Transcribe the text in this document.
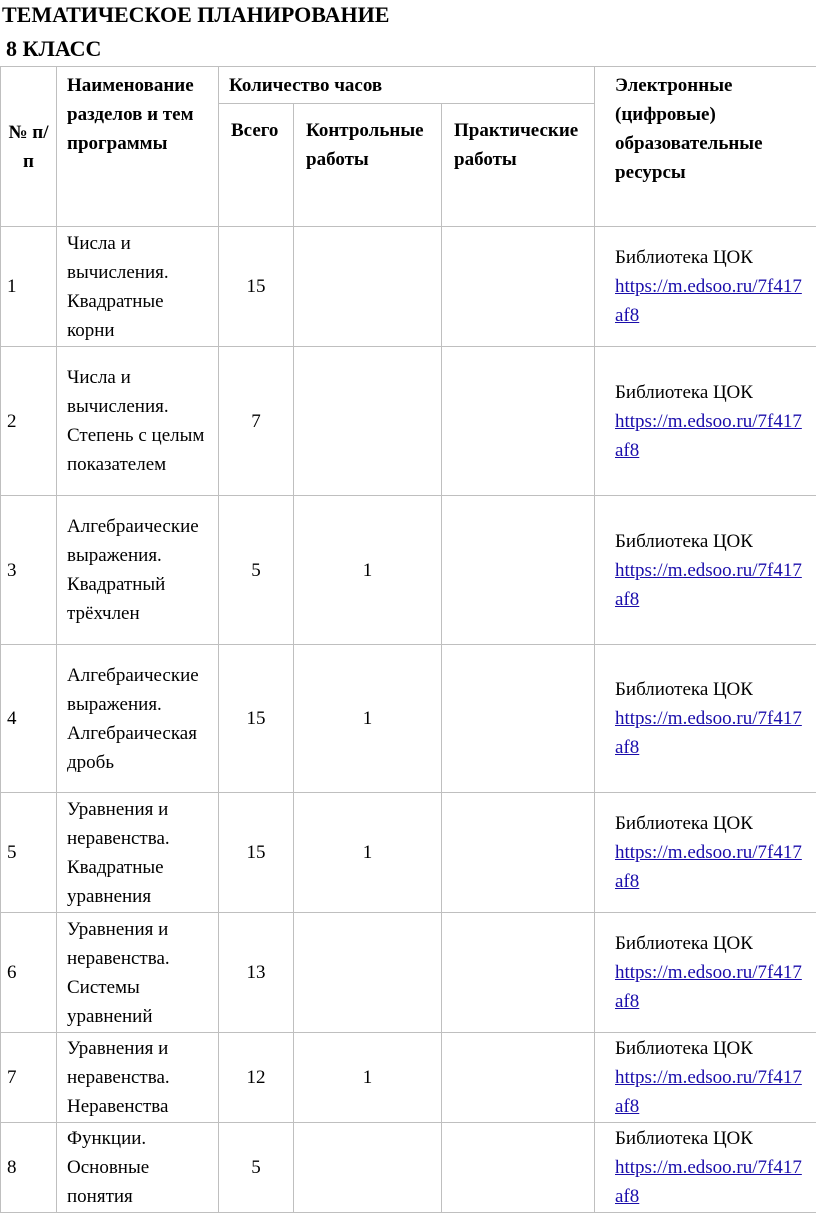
ТЕМАТИЧЕСКОЕ ПЛАНИРОВАНИЕ
8 КЛАСС
№ п/п	Наименование разделов и тем программы	Количество часов			Электронные (цифровые) образовательные ресурсы
		Всего	Контрольные работы	Практические работы	
1	Числа и вычисления. Квадратные корни	15			Библиотека ЦОК
https://m.edsoo.ru/7f417af8

2	Числа и вычисления. Степень с целым показателем	7			Библиотека ЦОК
https://m.edsoo.ru/7f417af8

3	Алгебраические выражения. Квадратный трёхчлен	5	1		Библиотека ЦОК
https://m.edsoo.ru/7f417af8

4	Алгебраические выражения. Алгебраическая дробь	15	1		Библиотека ЦОК
https://m.edsoo.ru/7f417af8

5	Уравнения и неравенства. Квадратные уравнения	15	1		Библиотека ЦОК
https://m.edsoo.ru/7f417af8

6	Уравнения и неравенства. Системы уравнений	13			Библиотека ЦОК
https://m.edsoo.ru/7f417af8

7	Уравнения и неравенства. Неравенства	12	1		Библиотека ЦОК
https://m.edsoo.ru/7f417af8

8	Функции. Основные понятия	5			Библиотека ЦОК
https://m.edsoo.ru/7f417af8
